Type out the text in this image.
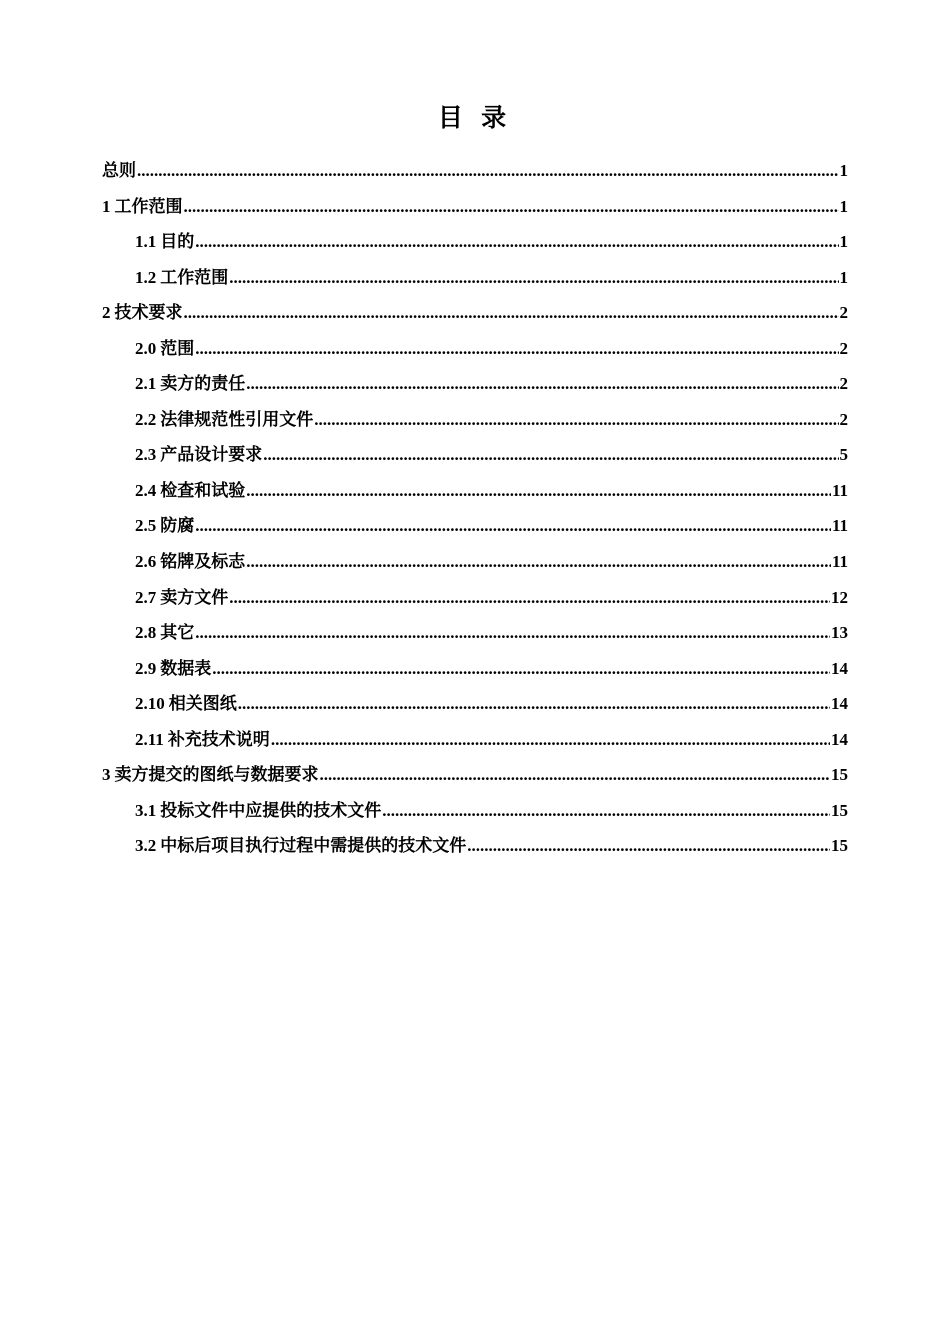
目 录
总则 .....	1
1 工作范围 .....	1
1.1 目的 .....	1
1.2 工作范围 .....	1
2 技术要求 .....	2
2.0 范围 .....	2
2.1 卖方的责任 .....	2
2.2 法律规范性引用文件 .....	2
2.3 产品设计要求 .....	5
2.4 检查和试验 .....	11
2.5 防腐 .....	11
2.6 铭牌及标志 .....	11
2.7 卖方文件 .....	12
2.8 其它 .....	13
2.9 数据表 .....	14
2.10 相关图纸 .....	14
2.11 补充技术说明 .....	14
3 卖方提交的图纸与数据要求 .....	15
3.1 投标文件中应提供的技术文件 .....	15
3.2 中标后项目执行过程中需提供的技术文件 .....	15
